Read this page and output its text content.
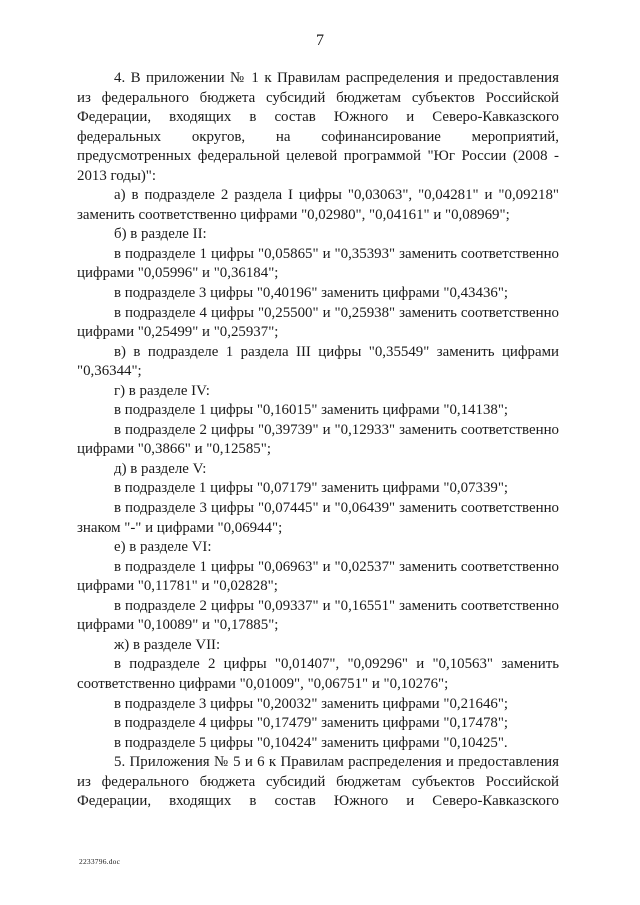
7

4. В приложении № 1 к Правилам распределения и предоставления из федерального бюджета субсидий бюджетам субъектов Российской Федерации, входящих в состав Южного и Северо-Кавказского федеральных округов, на софинансирование мероприятий, предусмотренных федеральной целевой программой "Юг России (2008 - 2013 годы)":

а) в подразделе 2 раздела I цифры "0,03063", "0,04281" и "0,09218" заменить соответственно цифрами "0,02980", "0,04161" и "0,08969";

б) в разделе II:

в подразделе 1 цифры "0,05865" и "0,35393" заменить соответственно цифрами "0,05996" и "0,36184";

в подразделе 3 цифры "0,40196" заменить цифрами "0,43436";

в подразделе 4 цифры "0,25500" и "0,25938" заменить соответственно цифрами "0,25499" и "0,25937";

в) в подразделе 1 раздела III цифры "0,35549" заменить цифрами "0,36344";

г) в разделе IV:

в подразделе 1 цифры "0,16015" заменить цифрами "0,14138";

в подразделе 2 цифры "0,39739" и "0,12933" заменить соответственно цифрами "0,3866" и "0,12585";

д) в разделе V:

в подразделе 1 цифры "0,07179" заменить цифрами "0,07339";

в подразделе 3 цифры "0,07445" и "0,06439" заменить соответственно знаком "-" и цифрами "0,06944";

е) в разделе VI:

в подразделе 1 цифры "0,06963" и "0,02537" заменить соответственно цифрами "0,11781" и "0,02828";

в подразделе 2 цифры "0,09337" и "0,16551" заменить соответственно цифрами "0,10089" и "0,17885";

ж) в разделе VII:

в подразделе 2 цифры "0,01407", "0,09296" и "0,10563" заменить соответственно цифрами "0,01009", "0,06751" и "0,10276";

в подразделе 3 цифры "0,20032" заменить цифрами "0,21646";

в подразделе 4 цифры "0,17479" заменить цифрами "0,17478";

в подразделе 5 цифры "0,10424" заменить цифрами "0,10425".

5. Приложения № 5 и 6 к Правилам распределения и предоставления из федерального бюджета субсидий бюджетам субъектов Российской Федерации, входящих в состав Южного и Северо-Кавказского

2233796.doc
